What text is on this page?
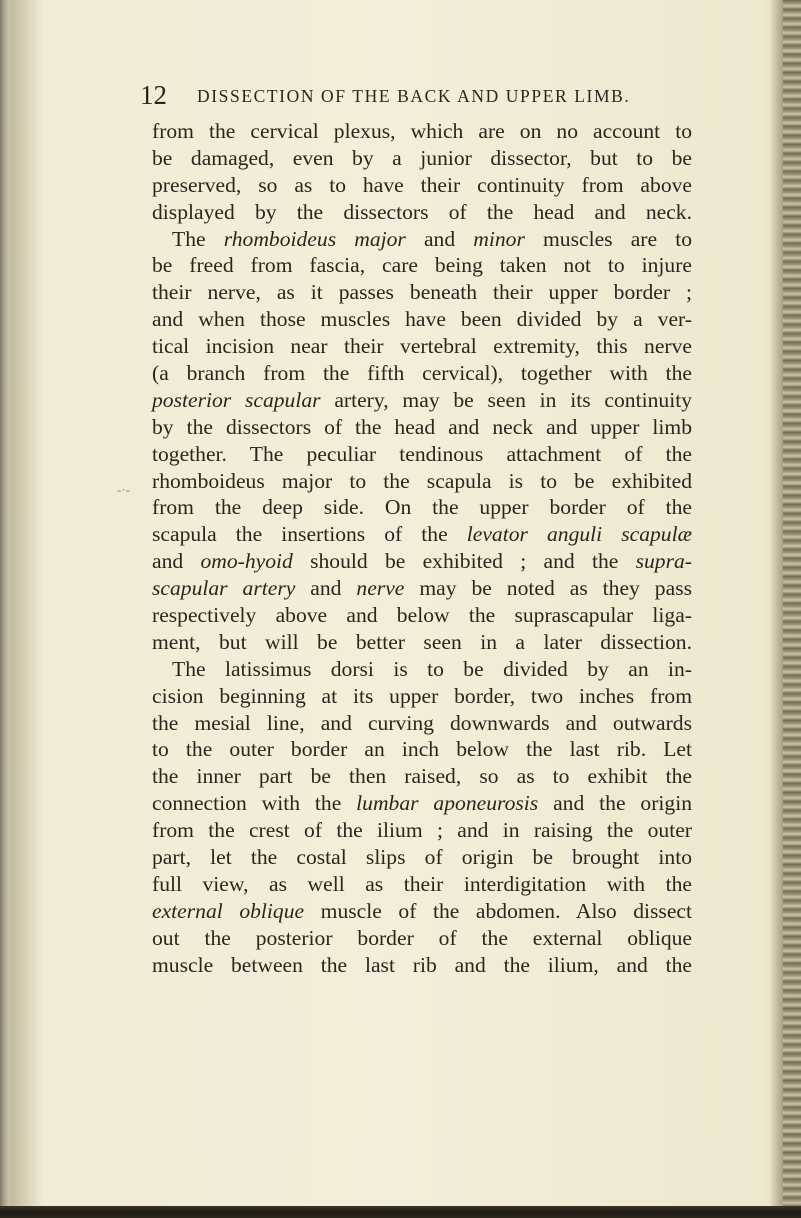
12 DISSECTION OF THE BACK AND UPPER LIMB.
-·-
from the cervical plexus, which are on no account to
be damaged, even by a junior dissector, but to be
preserved, so as to have their continuity from above
displayed by the dissectors of the head and neck.
The rhomboideus major and minor muscles are to
be freed from fascia, care being taken not to injure
their nerve, as it passes beneath their upper border ;
and when those muscles have been divided by a ver-
tical incision near their vertebral extremity, this nerve
(a branch from the fifth cervical), together with the
posterior scapular artery, may be seen in its continuity
by the dissectors of the head and neck and upper limb
together. The peculiar tendinous attachment of the
rhomboideus major to the scapula is to be exhibited
from the deep side. On the upper border of the
scapula the insertions of the levator anguli scapulæ
and omo-hyoid should be exhibited ; and the supra-
scapular artery and nerve may be noted as they pass
respectively above and below the suprascapular liga-
ment, but will be better seen in a later dissection.
The latissimus dorsi is to be divided by an in-
cision beginning at its upper border, two inches from
the mesial line, and curving downwards and outwards
to the outer border an inch below the last rib. Let
the inner part be then raised, so as to exhibit the
connection with the lumbar aponeurosis and the origin
from the crest of the ilium ; and in raising the outer
part, let the costal slips of origin be brought into
full view, as well as their interdigitation with the
external oblique muscle of the abdomen. Also dissect
out the posterior border of the external oblique
muscle between the last rib and the ilium, and the
